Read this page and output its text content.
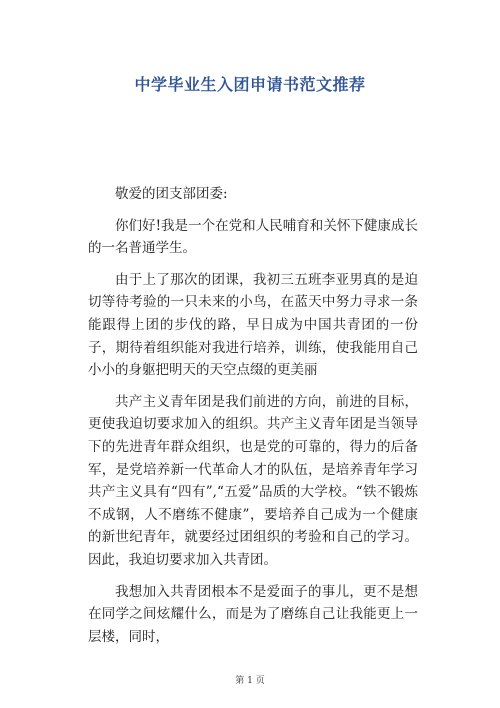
中学毕业生入团申请书范文推荐

敬爱的团支部团委:

你们好!我是一个在党和人民哺育和关怀下健康成长的一名普通学生。

由于上了那次的团课，我初三五班李亚男真的是迫切等待考验的一只未来的小鸟，在蓝天中努力寻求一条能跟得上团的步伐的路，早日成为中国共青团的一份子，期待着组织能对我进行培养，训练，使我能用自己小小的身躯把明天的天空点缀的更美丽

共产主义青年团是我们前进的方向，前进的目标，更使我迫切要求加入的组织。共产主义青年团是当领导下的先进青年群众组织，也是党的可靠的，得力的后备军，是党培养新一代革命人才的队伍，是培养青年学习共产主义具有“四有”,“五爱”品质的大学校。“铁不锻炼不成钢，人不磨练不健康”，要培养自己成为一个健康的新世纪青年，就要经过团组织的考验和自己的学习。因此，我迫切要求加入共青团。

我想加入共青团根本不是爱面子的事儿，更不是想在同学之间炫耀什么，而是为了磨练自己让我能更上一层楼，同时，

第 1 页
